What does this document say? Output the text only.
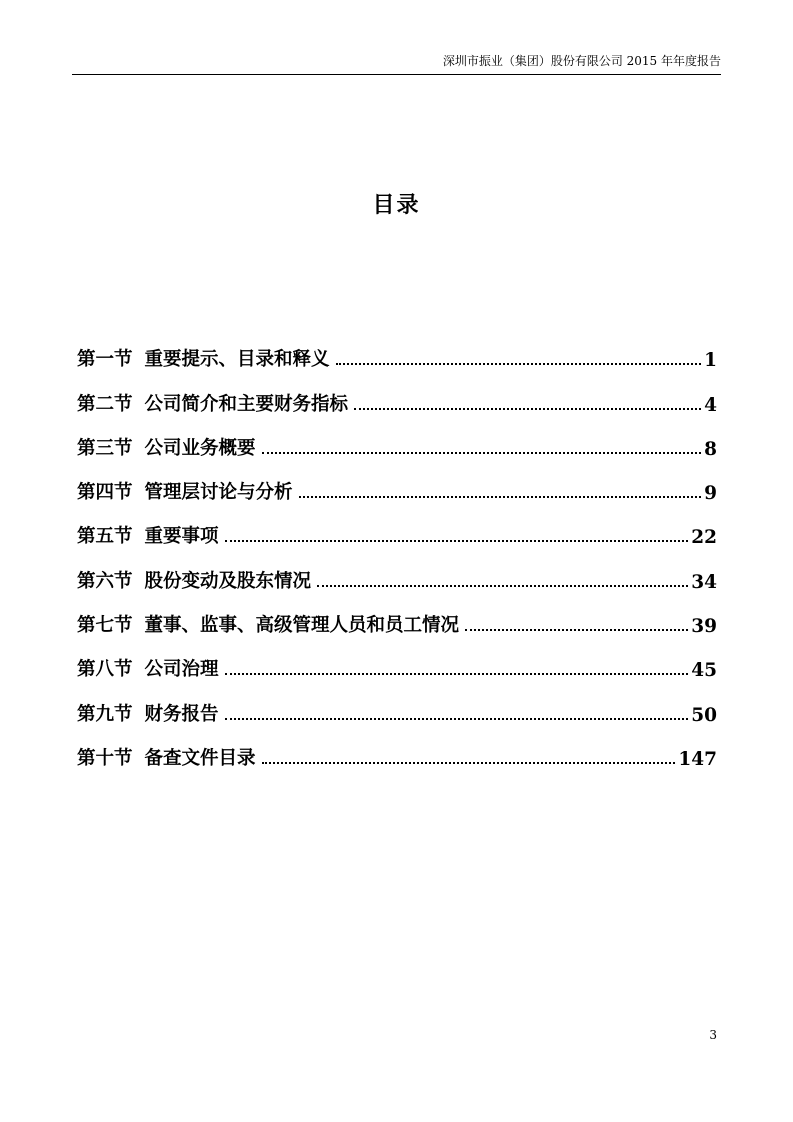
深圳市振业（集团）股份有限公司 2015 年年度报告
目录
第一节 重要提示、目录和释义	1
第二节 公司简介和主要财务指标	4
第三节 公司业务概要	8
第四节 管理层讨论与分析	9
第五节 重要事项	22
第六节 股份变动及股东情况	34
第七节 董事、监事、高级管理人员和员工情况	39
第八节 公司治理	45
第九节 财务报告	50
第十节 备查文件目录	147
3
